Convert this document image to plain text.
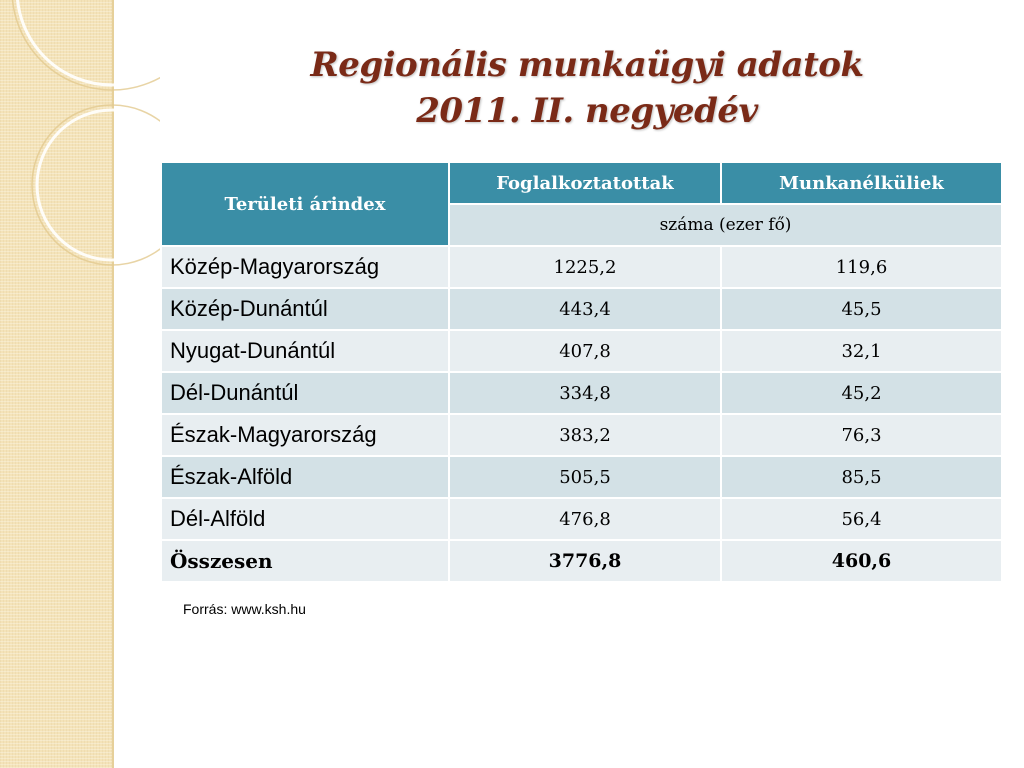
Regionális munkaügyi adatok
2011. II. negyedév
Területi árindex	Foglalkoztatottak	Munkanélküliek
	száma (ezer fő)	
Közép-Magyarország	1225,2	119,6
Közép-Dunántúl	443,4	45,5
Nyugat-Dunántúl	407,8	32,1
Dél-Dunántúl	334,8	45,2
Észak-Magyarország	383,2	76,3
Észak-Alföld	505,5	85,5
Dél-Alföld	476,8	56,4
Összesen	3776,8	460,6
Forrás: www.ksh.hu
